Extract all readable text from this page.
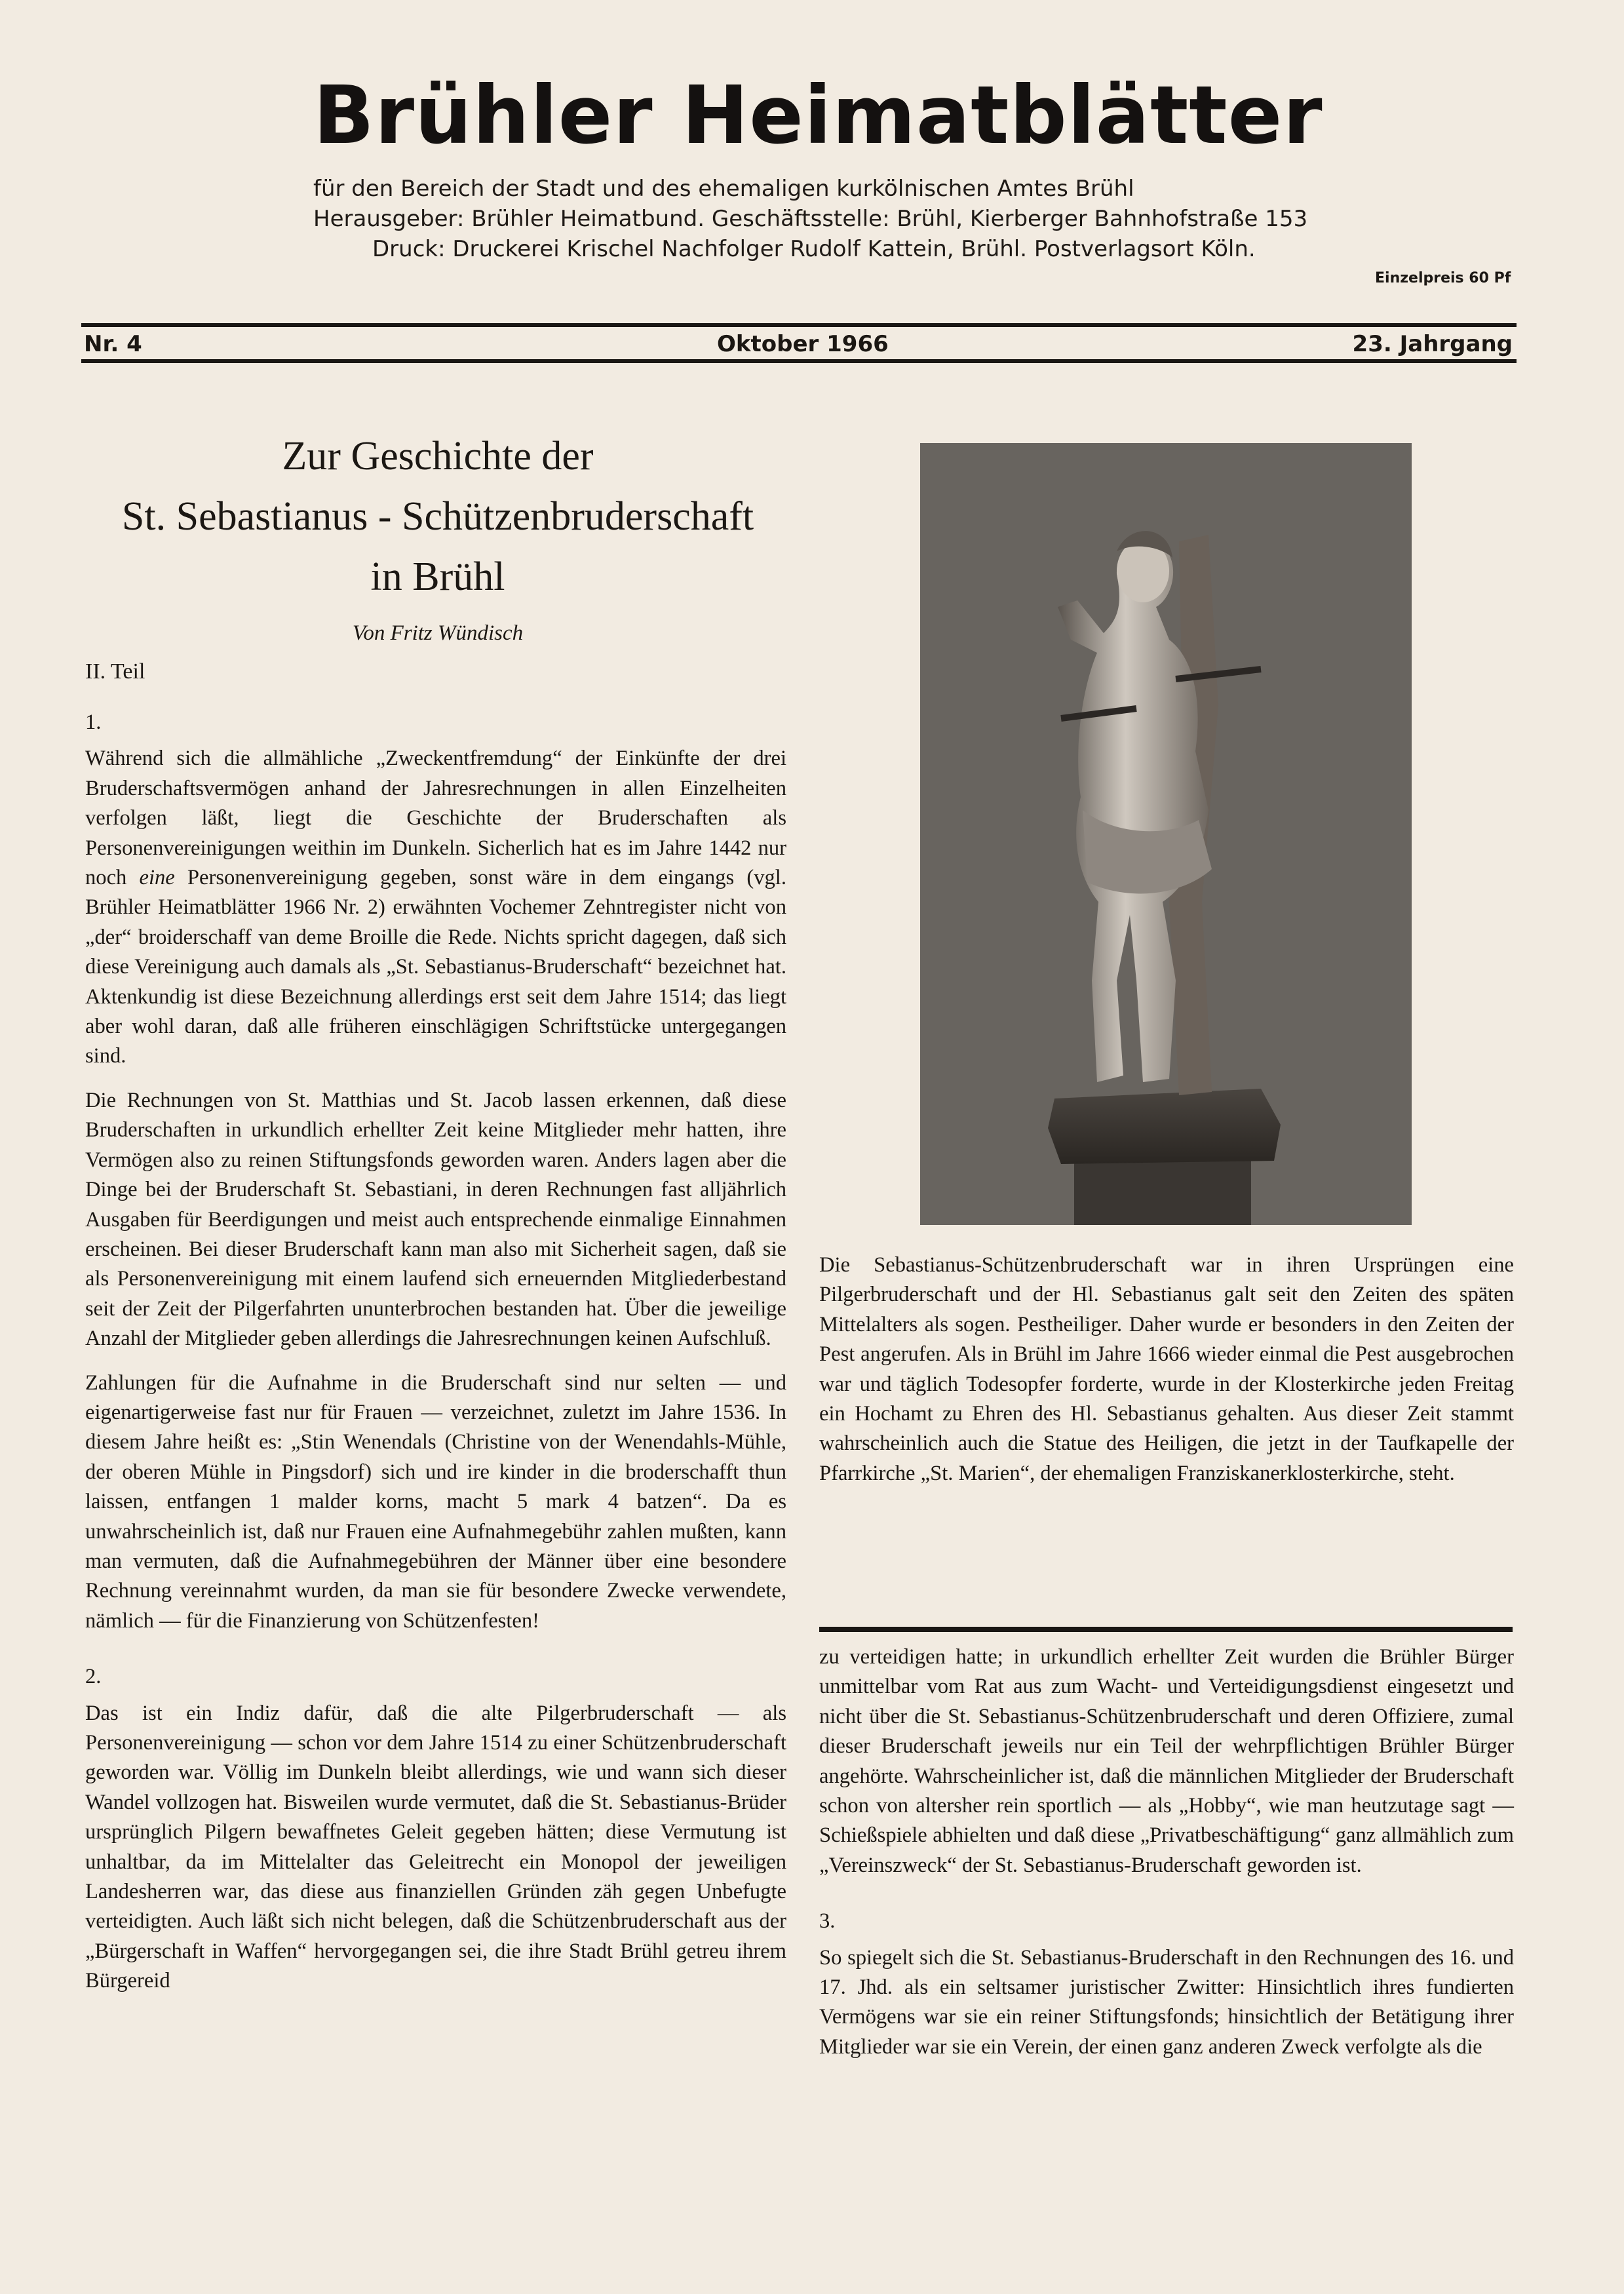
Brühler Heimatblätter
für den Bereich der Stadt und des ehemaligen kurkölnischen Amtes Brühl
Herausgeber: Brühler Heimatbund. Geschäftsstelle: Brühl, Kierberger Bahnhofstraße 153
Druck: Druckerei Krischel Nachfolger Rudolf Kattein, Brühl. Postverlagsort Köln.
Einzelpreis 60 Pf
Nr. 4	Oktober 1966	23. Jahrgang
Zur Geschichte der
St. Sebastianus - Schützenbruderschaft
in Brühl
Von Fritz Wündisch
II. Teil

1.

Während sich die allmähliche „Zweckentfremdung“ der Einkünfte der drei Bruderschaftsvermögen anhand der Jahresrechnungen in allen Einzelheiten verfolgen läßt, liegt die Geschichte der Bruderschaften als Personenvereinigungen weithin im Dunkeln. Sicherlich hat es im Jahre 1442 nur noch eine Personenvereinigung gegeben, sonst wäre in dem eingangs (vgl. Brühler Heimatblätter 1966 Nr. 2) erwähnten Vochemer Zehntregister nicht von „der“ broiderschaff van deme Broille die Rede. Nichts spricht dagegen, daß sich diese Vereinigung auch damals als „St. Sebastianus-Bruderschaft“ bezeichnet hat. Aktenkundig ist diese Bezeichnung allerdings erst seit dem Jahre 1514; das liegt aber wohl daran, daß alle früheren einschlägigen Schriftstücke untergegangen sind.

Die Rechnungen von St. Matthias und St. Jacob lassen erkennen, daß diese Bruderschaften in urkundlich erhellter Zeit keine Mitglieder mehr hatten, ihre Vermögen also zu reinen Stiftungsfonds geworden waren. Anders lagen aber die Dinge bei der Bruderschaft St. Sebastiani, in deren Rechnungen fast alljährlich Ausgaben für Beerdigungen und meist auch entsprechende einmalige Einnahmen erscheinen. Bei dieser Bruderschaft kann man also mit Sicherheit sagen, daß sie als Personenvereinigung mit einem laufend sich erneuernden Mitgliederbestand seit der Zeit der Pilgerfahrten ununterbrochen bestanden hat. Über die jeweilige Anzahl der Mitglieder geben allerdings die Jahresrechnungen keinen Aufschluß.

Zahlungen für die Aufnahme in die Bruderschaft sind nur selten — und eigenartigerweise fast nur für Frauen — verzeichnet, zuletzt im Jahre 1536. In diesem Jahre heißt es: „Stin Wenendals (Christine von der Wenendahls-Mühle, der oberen Mühle in Pingsdorf) sich und ire kinder in die broderschafft thun laissen, entfangen 1 malder korns, macht 5 mark 4 batzen“. Da es unwahrscheinlich ist, daß nur Frauen eine Aufnahmegebühr zahlen mußten, kann man vermuten, daß die Aufnahmegebühren der Männer über eine besondere Rechnung vereinnahmt wurden, da man sie für besondere Zwecke verwendete, nämlich — für die Finanzierung von Schützenfesten!

2.

Das ist ein Indiz dafür, daß die alte Pilgerbruderschaft — als Personenvereinigung — schon vor dem Jahre 1514 zu einer Schützenbruderschaft geworden war. Völlig im Dunkeln bleibt allerdings, wie und wann sich dieser Wandel vollzogen hat. Bisweilen wurde vermutet, daß die St. Sebastianus-Brüder ursprünglich Pilgern bewaffnetes Geleit gegeben hätten; diese Vermutung ist unhaltbar, da im Mittelalter das Geleitrecht ein Monopol der jeweiligen Landesherren war, das diese aus finanziellen Gründen zäh gegen Unbefugte verteidigten. Auch läßt sich nicht belegen, daß die Schützenbruderschaft aus der „Bürgerschaft in Waffen“ hervorgegangen sei, die ihre Stadt Brühl getreu ihrem Bürgereid

Die Sebastianus-Schützenbruderschaft war in ihren Ursprüngen eine Pilgerbruderschaft und der Hl. Sebastianus galt seit den Zeiten des späten Mittelalters als sogen. Pestheiliger. Daher wurde er besonders in den Zeiten der Pest angerufen. Als in Brühl im Jahre 1666 wieder einmal die Pest ausgebrochen war und täglich Todesopfer forderte, wurde in der Klosterkirche jeden Freitag ein Hochamt zu Ehren des Hl. Sebastianus gehalten. Aus dieser Zeit stammt wahrscheinlich auch die Statue des Heiligen, die jetzt in der Taufkapelle der Pfarrkirche „St. Marien“, der ehemaligen Franziskanerklosterkirche, steht.

zu verteidigen hatte; in urkundlich erhellter Zeit wurden die Brühler Bürger unmittelbar vom Rat aus zum Wacht- und Verteidigungsdienst eingesetzt und nicht über die St. Sebastianus-Schützenbruderschaft und deren Offiziere, zumal dieser Bruderschaft jeweils nur ein Teil der wehrpflichtigen Brühler Bürger angehörte. Wahrscheinlicher ist, daß die männlichen Mitglieder der Bruderschaft schon von altersher rein sportlich — als „Hobby“, wie man heutzutage sagt — Schießspiele abhielten und daß diese „Privatbeschäftigung“ ganz allmählich zum „Vereinszweck“ der St. Sebastianus-Bruderschaft geworden ist.

3.

So spiegelt sich die St. Sebastianus-Bruderschaft in den Rechnungen des 16. und 17. Jhd. als ein seltsamer juristischer Zwitter: Hinsichtlich ihres fundierten Vermögens war sie ein reiner Stiftungsfonds; hinsichtlich der Betätigung ihrer Mitglieder war sie ein Verein, der einen ganz anderen Zweck verfolgte als die
